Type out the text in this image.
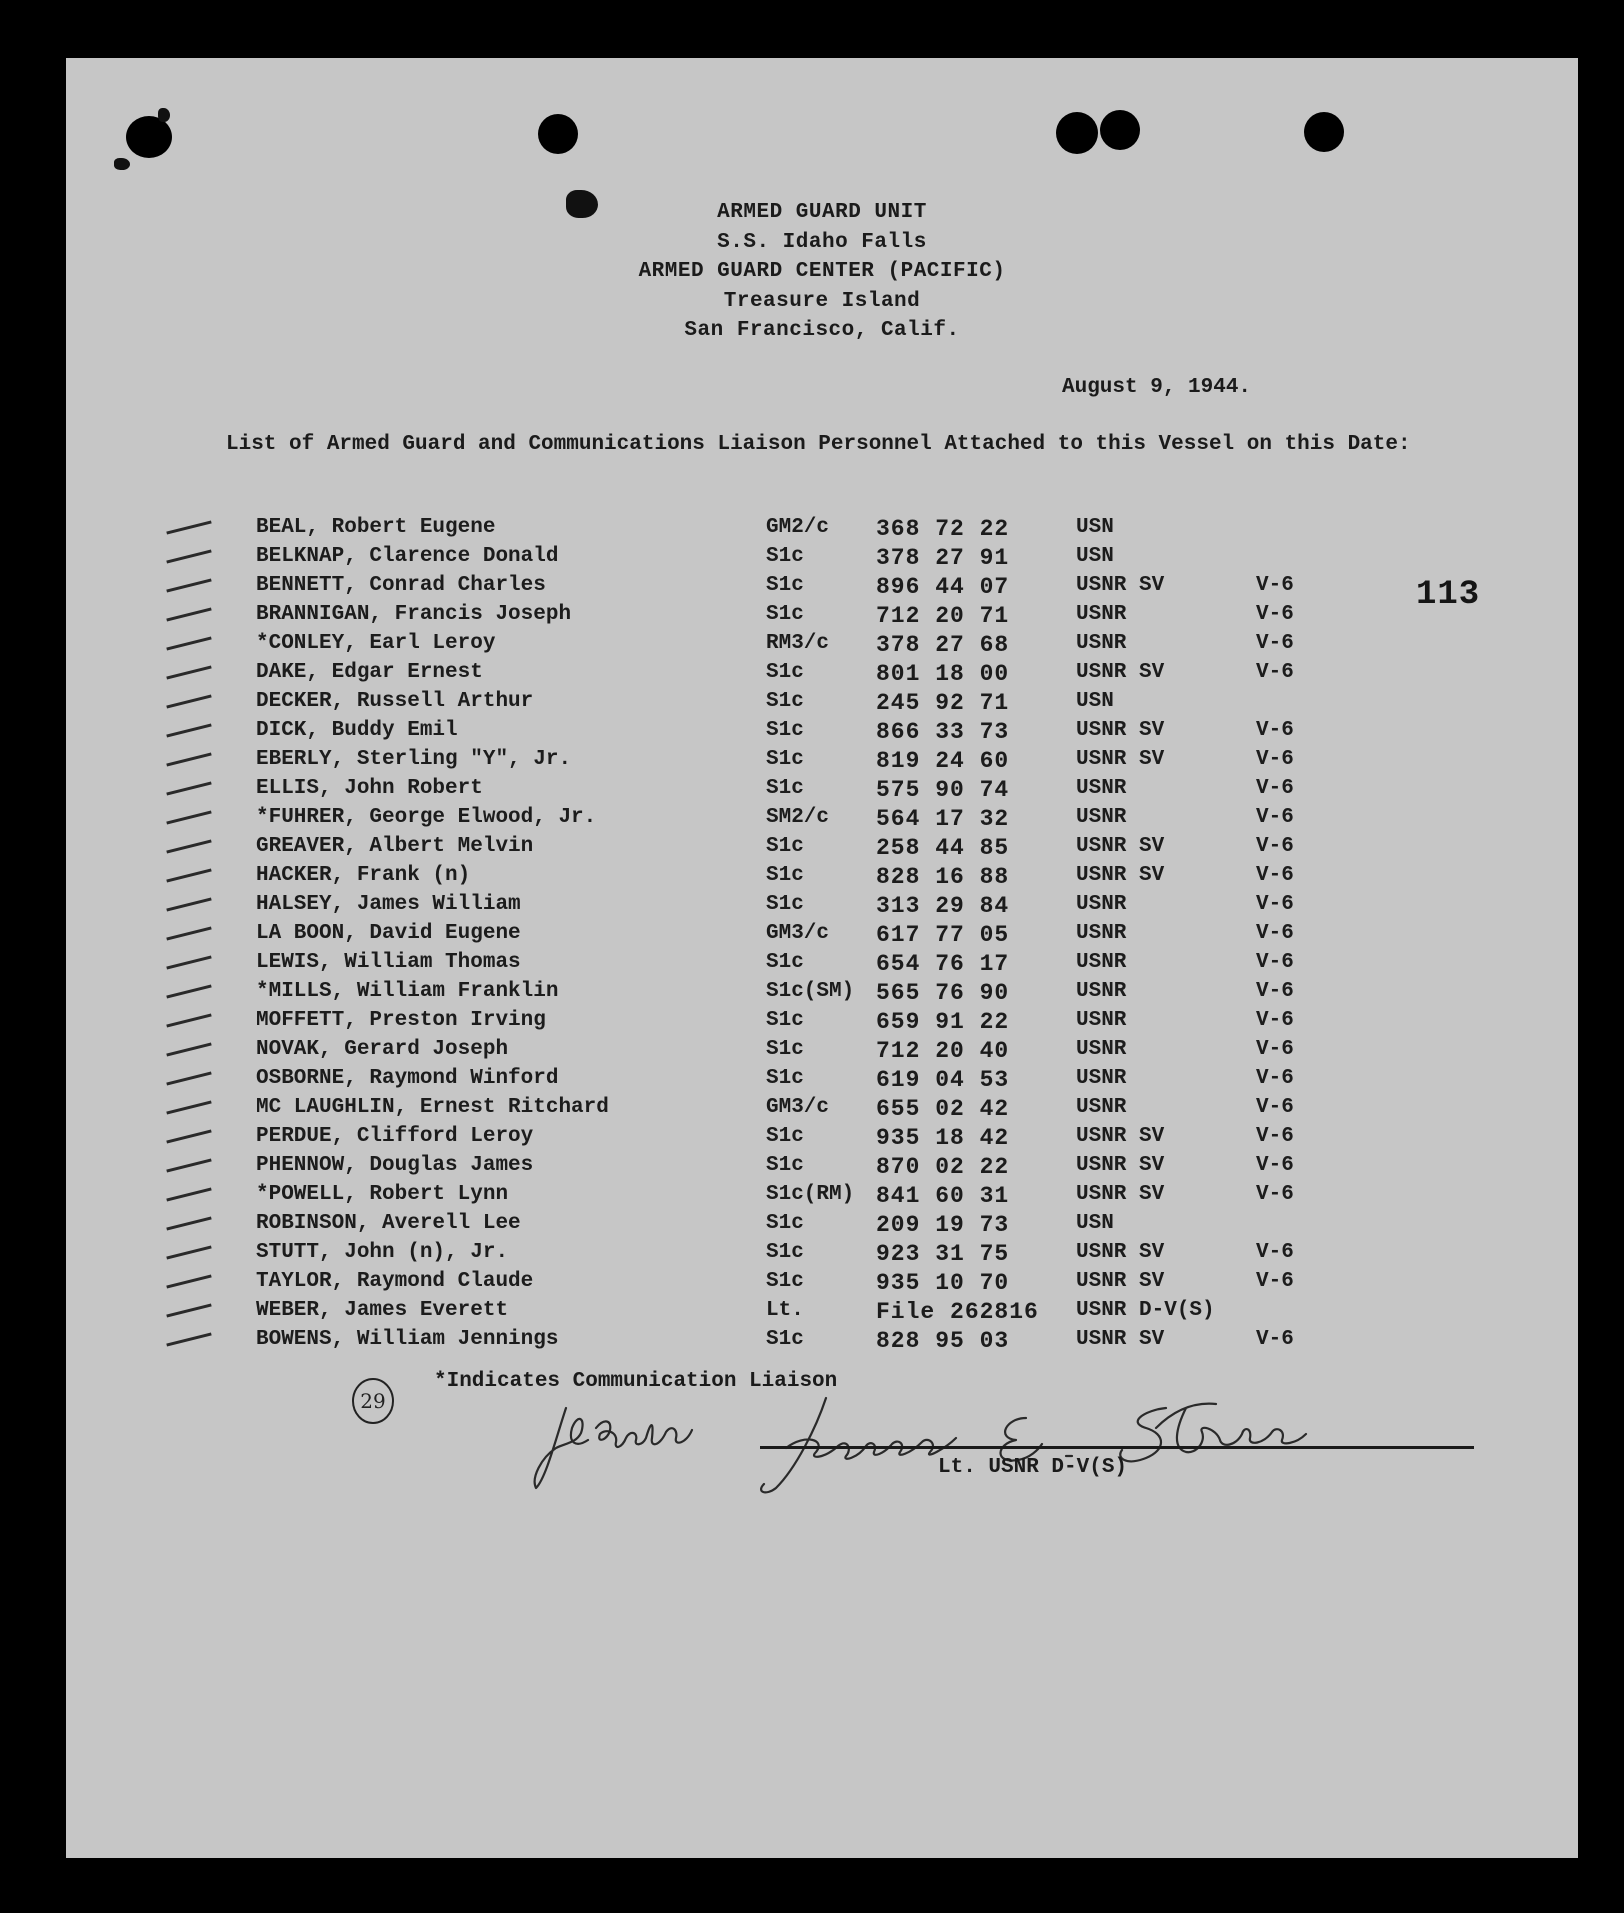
ARMED GUARD UNIT
S.S. Idaho Falls
ARMED GUARD CENTER (PACIFIC)
Treasure Island
San Francisco, Calif.
August 9, 1944.
List of Armed Guard and Communications Liaison Personnel Attached to this Vessel on this Date:
113
BEAL, Robert Eugene	GM2/c 368 72 22	USN
BELKNAP, Clarence Donald	S1c	378 27 91	USN
BENNETT, Conrad Charles	S1c	896 44 07	USNR SV	V-6
BRANNIGAN, Francis Joseph	S1c	712 20 71	USNR	V-6
*CONLEY, Earl Leroy	RM3/c 378 27 68	USNR	V-6
DAKE, Edgar Ernest	S1c	801 18 00	USNR SV	V-6
DECKER, Russell Arthur	S1c	245 92 71	USN
DICK, Buddy Emil	S1c	866 33 73	USNR SV	V-6
EBERLY, Sterling "Y", Jr.	S1c	819 24 60	USNR SV	V-6
ELLIS, John Robert	S1c	575 90 74	USNR	V-6
*FUHRER, George Elwood, Jr.	SM2/c 564 17 32	USNR	V-6
GREAVER, Albert Melvin	S1c	258 44 85	USNR SV	V-6
HACKER, Frank (n)	S1c	828 16 88	USNR SV	V-6
HALSEY, James William	S1c	313 29 84	USNR	V-6
LA BOON, David Eugene	GM3/c 617 77 05	USNR	V-6
LEWIS, William Thomas	S1c	654 76 17	USNR	V-6
*MILLS, William Franklin	S1c(SM) 565 76 90	USNR	V-6
MOFFETT, Preston Irving	S1c	659 91 22	USNR	V-6
NOVAK, Gerard Joseph	S1c	712 20 40	USNR	V-6
OSBORNE, Raymond Winford	S1c	619 04 53	USNR	V-6
MC LAUGHLIN, Ernest Ritchard	GM3/c 655 02 42	USNR	V-6
PERDUE, Clifford Leroy	S1c	935 18 42	USNR SV	V-6
PHENNOW, Douglas James	S1c	870 02 22	USNR SV	V-6
*POWELL, Robert Lynn	S1c(RM) 841 60 31	USNR SV	V-6
ROBINSON, Averell Lee	S1c	209 19 73	USN
STUTT, John (n), Jr.	S1c	923 31 75	USNR SV	V-6
TAYLOR, Raymond Claude	S1c	935 10 70	USNR SV	V-6
WEBER, James Everett	Lt.	File 262816 USNR D-V(S)
BOWENS, William Jennings	S1c	828 95 03	USNR SV	V-6
29
*Indicates Communication Liaison
Lt. USNR D-V(S)
